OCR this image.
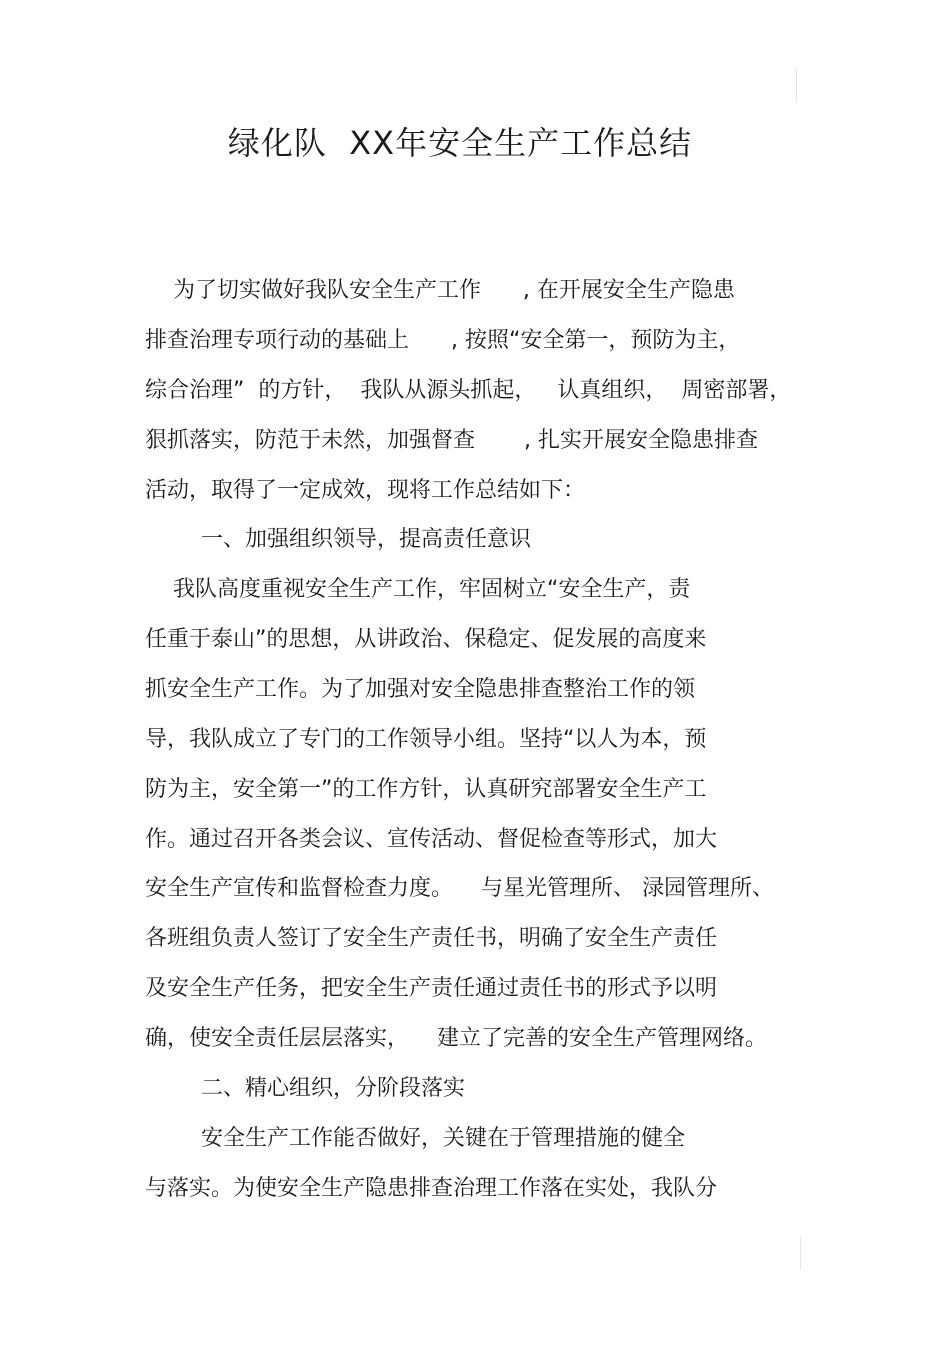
绿化队  XX年安全生产工作总结
为了切实做好我队安全生产工作      , 在开展安全生产隐患
排查治理专项行动的基础上      , 按照“安全第一，预防为主，
综合治理”  的方针，  我队从源头抓起，   认真组织，  周密部署，
狠抓落实，防范于未然，加强督查       , 扎实开展安全隐患排查
活动，取得了一定成效，现将工作总结如下：
一、加强组织领导，提高责任意识
我队高度重视安全生产工作，牢固树立“安全生产，责
任重于泰山”的思想，从讲政治、保稳定、促发展的高度来
抓安全生产工作。为了加强对安全隐患排查整治工作的领
导，我队成立了专门的工作领导小组。坚持“以人为本，预
防为主，安全第一”的工作方针，认真研究部署安全生产工
作。通过召开各类会议、宣传活动、督促检查等形式，加大
安全生产宣传和监督检查力度。    与星光管理所、 渌园管理所、
各班组负责人签订了安全生产责任书，明确了安全生产责任
及安全生产任务，把安全生产责任通过责任书的形式予以明
确，使安全责任层层落实，    建立了完善的安全生产管理网络。
二、精心组织，分阶段落实
安全生产工作能否做好，关键在于管理措施的健全
与落实。为使安全生产隐患排查治理工作落在实处，我队分
